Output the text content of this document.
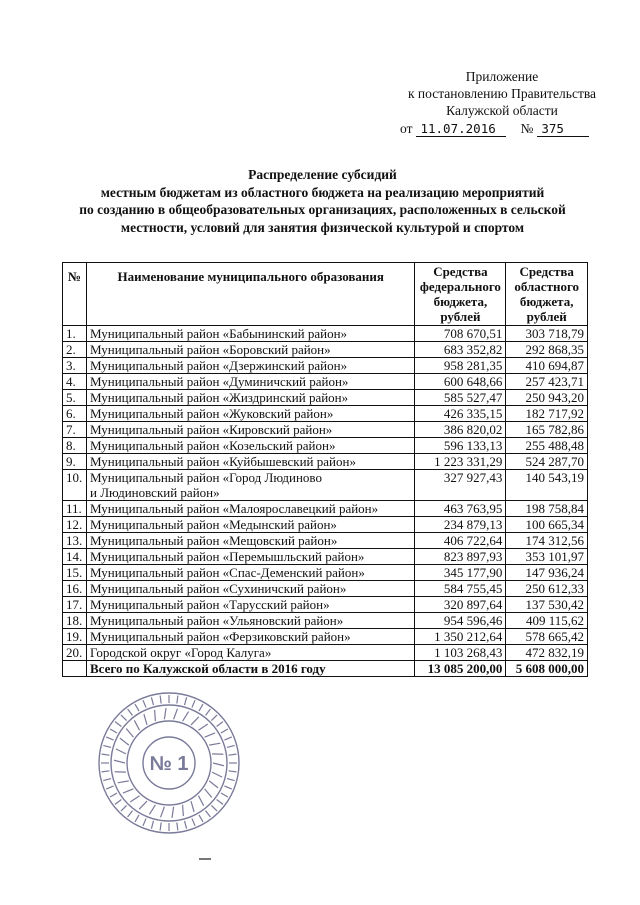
Приложение
к постановлению Правительства
Калужской области
от 11.07.2016 № 375
Распределение субсидий
местным бюджетам из областного бюджета на реализацию мероприятий
по созданию в общеобразовательных организациях, расположенных в сельской
местности, условий для занятия физической культурой и спортом
№	Наименование муниципального образования	Средства федерального бюджета, рублей	Средства областного бюджета, рублей
1.	Муниципальный район «Бабынинский район»	708 670,51	303 718,79
2.	Муниципальный район «Боровский район»	683 352,82	292 868,35
3.	Муниципальный район «Дзержинский район»	958 281,35	410 694,87
4.	Муниципальный район «Думиничский район»	600 648,66	257 423,71
5.	Муниципальный район «Жиздринский район»	585 527,47	250 943,20
6.	Муниципальный район «Жуковский район»	426 335,15	182 717,92
7.	Муниципальный район «Кировский район»	386 820,02	165 782,86
8.	Муниципальный район «Козельский район»	596 133,13	255 488,48
9.	Муниципальный район «Куйбышевский район»	1 223 331,29	524 287,70
10.	Муниципальный район «Город Людиново
и Людиновский район»	327 927,43	140 543,19
11.	Муниципальный район «Малоярославецкий район»	463 763,95	198 758,84
12.	Муниципальный район «Медынский район»	234 879,13	100 665,34
13.	Муниципальный район «Мещовский район»	406 722,64	174 312,56
14.	Муниципальный район «Перемышльский район»	823 897,93	353 101,97
15.	Муниципальный район «Спас-Деменский район»	345 177,90	147 936,24
16.	Муниципальный район «Сухиничский район»	584 755,45	250 612,33
17.	Муниципальный район «Тарусский район»	320 897,64	137 530,42
18.	Муниципальный район «Ульяновский район»	954 596,46	409 115,62
19.	Муниципальный район «Ферзиковский район»	1 350 212,64	578 665,42
20.	Городской округ «Город Калуга»	1 103 268,43	472 832,19
	Всего по Калужской области в 2016 году	13 085 200,00	5 608 000,00
№ 1
